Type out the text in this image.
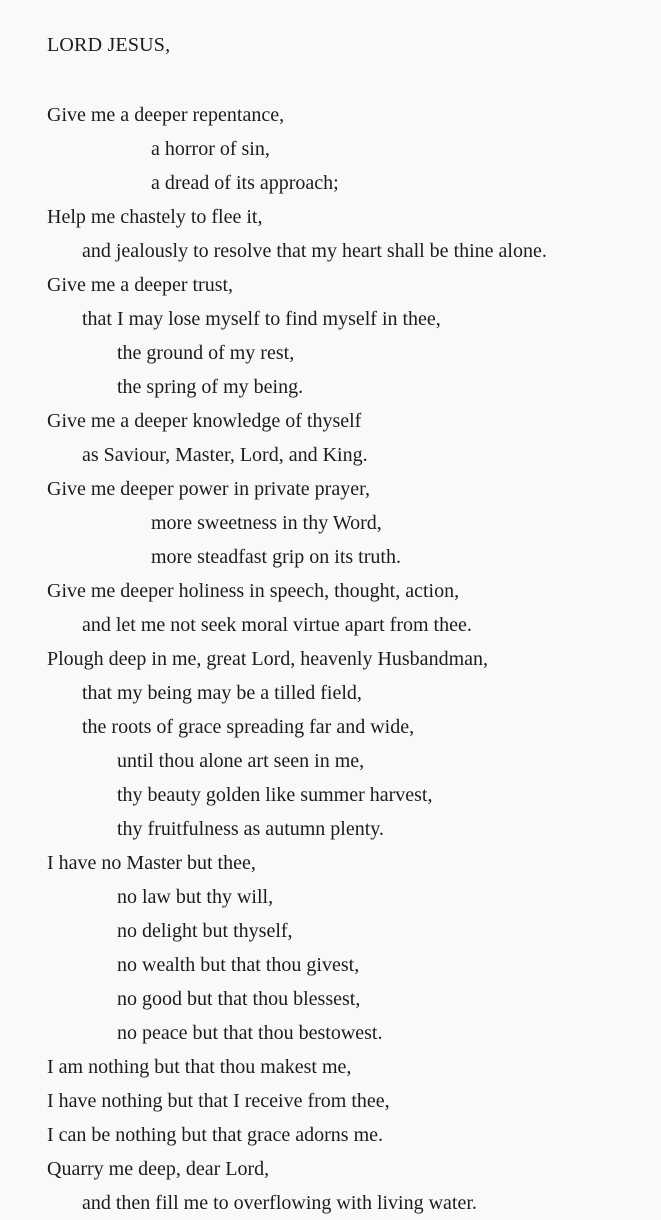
LORD JESUS,
Give me a deeper repentance,
a horror of sin,
a dread of its approach;
Help me chastely to flee it,
and jealously to resolve that my heart shall be thine alone.
Give me a deeper trust,
that I may lose myself to find myself in thee,
the ground of my rest,
the spring of my being.
Give me a deeper knowledge of thyself
as Saviour, Master, Lord, and King.
Give me deeper power in private prayer,
more sweetness in thy Word,
more steadfast grip on its truth.
Give me deeper holiness in speech, thought, action,
and let me not seek moral virtue apart from thee.
Plough deep in me, great Lord, heavenly Husbandman,
that my being may be a tilled field,
the roots of grace spreading far and wide,
until thou alone art seen in me,
thy beauty golden like summer harvest,
thy fruitfulness as autumn plenty.
I have no Master but thee,
no law but thy will,
no delight but thyself,
no wealth but that thou givest,
no good but that thou blessest,
no peace but that thou bestowest.
I am nothing but that thou makest me,
I have nothing but that I receive from thee,
I can be nothing but that grace adorns me.
Quarry me deep, dear Lord,
and then fill me to overflowing with living water.
